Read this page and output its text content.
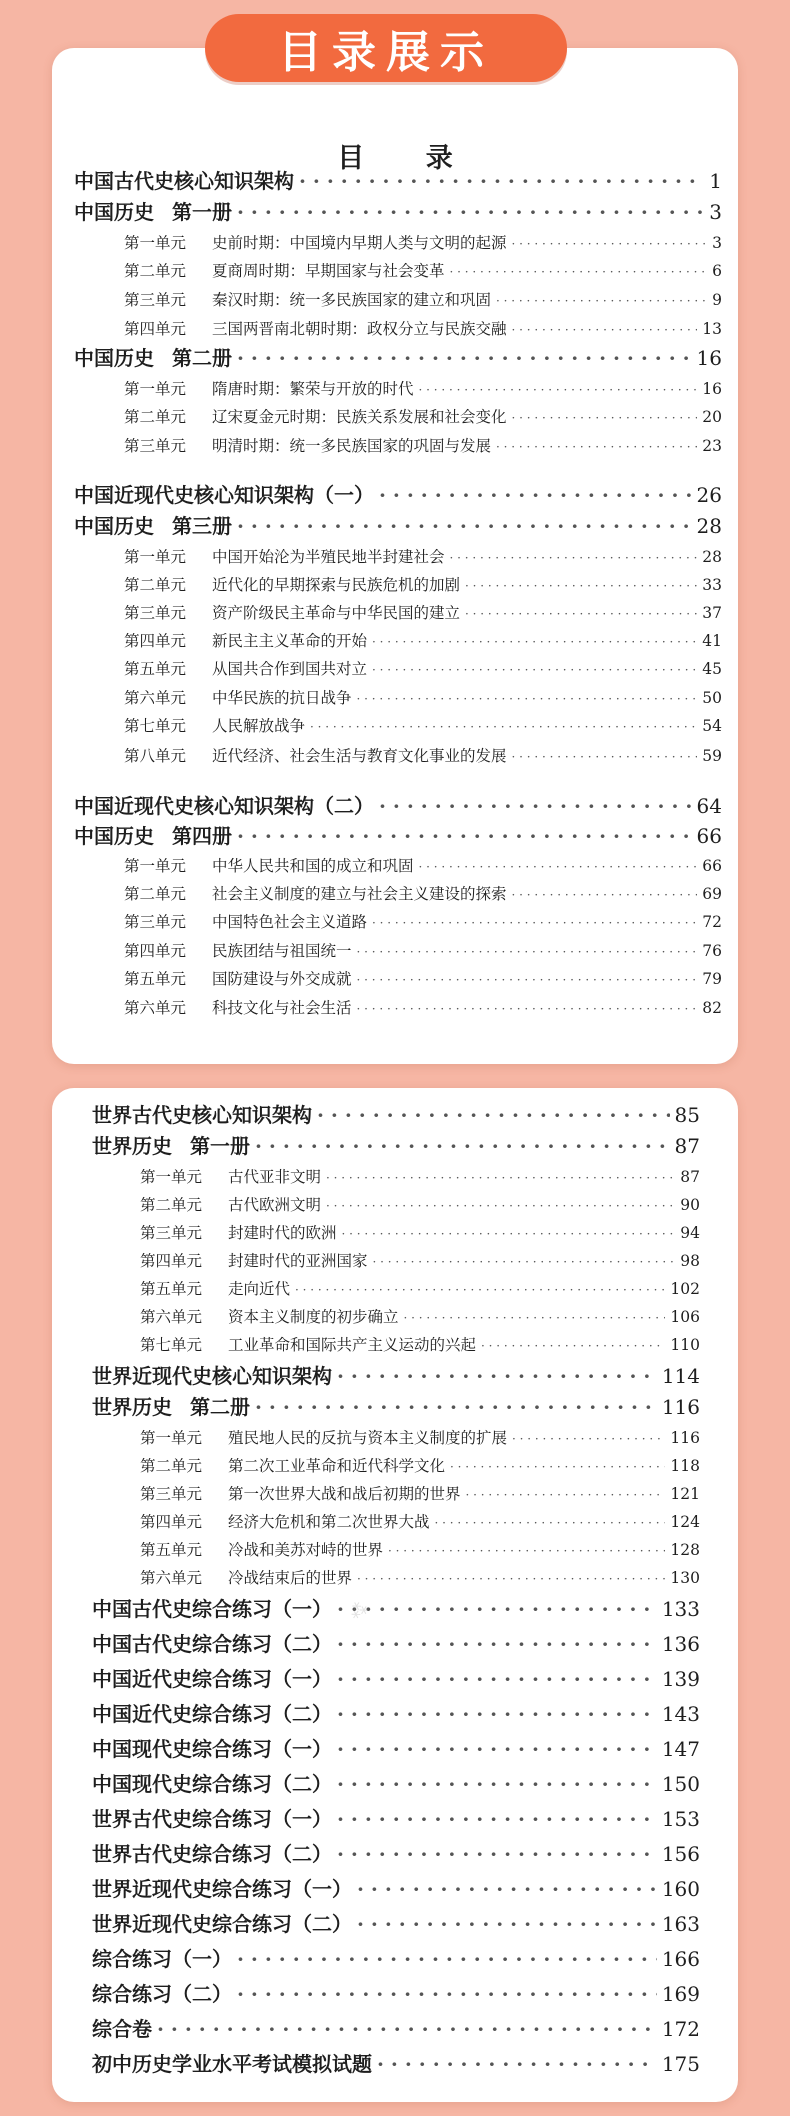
目录展示
目 录
中国古代史核心知识架构 · · ·	1
中国历史 第一册 · · ·	3
第一单元	史前时期：中国境内早期人类与文明的起源 · · ·	3
第二单元	夏商周时期：早期国家与社会变革 · · ·	6
第三单元	秦汉时期：统一多民族国家的建立和巩固 · · ·	9
第四单元	三国两晋南北朝时期：政权分立与民族交融 · · ·	13
中国历史 第二册 · · ·	16
第一单元	隋唐时期：繁荣与开放的时代 · · ·	16
第二单元	辽宋夏金元时期：民族关系发展和社会变化 · · ·	20
第三单元	明清时期：统一多民族国家的巩固与发展 · · ·	23
中国近现代史核心知识架构（一） · · ·	26
中国历史 第三册 · · ·	28
第一单元	中国开始沦为半殖民地半封建社会 · · ·	28
第二单元	近代化的早期探索与民族危机的加剧 · · ·	33
第三单元	资产阶级民主革命与中华民国的建立 · · ·	37
第四单元	新民主主义革命的开始 · · ·	41
第五单元	从国共合作到国共对立 · · ·	45
第六单元	中华民族的抗日战争 · · ·	50
第七单元	人民解放战争 · · ·	54
第八单元	近代经济、社会生活与教育文化事业的发展 · · ·	59
中国近现代史核心知识架构（二） · · ·	64
中国历史 第四册 · · ·	66
第一单元	中华人民共和国的成立和巩固 · · ·	66
第二单元	社会主义制度的建立与社会主义建设的探索 · · ·	69
第三单元	中国特色社会主义道路 · · ·	72
第四单元	民族团结与祖国统一 · · ·	76
第五单元	国防建设与外交成就 · · ·	79
第六单元	科技文化与社会生活 · · ·	82
世界古代史核心知识架构 · · ·	85
世界历史 第一册 · · ·	87
第一单元	古代亚非文明 · · ·	87
第二单元	古代欧洲文明 · · ·	90
第三单元	封建时代的欧洲 · · ·	94
第四单元	封建时代的亚洲国家 · · ·	98
第五单元	走向近代 · · ·	102
第六单元	资本主义制度的初步确立 · · ·	106
第七单元	工业革命和国际共产主义运动的兴起 · · ·	110
世界近现代史核心知识架构 · · ·	114
世界历史 第二册 · · ·	116
第一单元	殖民地人民的反抗与资本主义制度的扩展 · · ·	116
第二单元	第二次工业革命和近代科学文化 · · ·	118
第三单元	第一次世界大战和战后初期的世界 · · ·	121
第四单元	经济大危机和第二次世界大战 · · ·	124
第五单元	冷战和美苏对峙的世界 · · ·	128
第六单元	冷战结束后的世界 · · ·	130
中国古代史综合练习（一） · · ·	133
中国古代史综合练习（二） · · ·	136
中国近代史综合练习（一） · · ·	139
中国近代史综合练习（二） · · ·	143
中国现代史综合练习（一） · · ·	147
中国现代史综合练习（二） · · ·	150
世界古代史综合练习（一） · · ·	153
世界古代史综合练习（二） · · ·	156
世界近现代史综合练习（一） · · ·	160
世界近现代史综合练习（二） · · ·	163
综合练习（一） · · ·	166
综合练习（二） · · ·	169
综合卷 · · ·	172
初中历史学业水平考试模拟试题 · · ·	175
⁂
